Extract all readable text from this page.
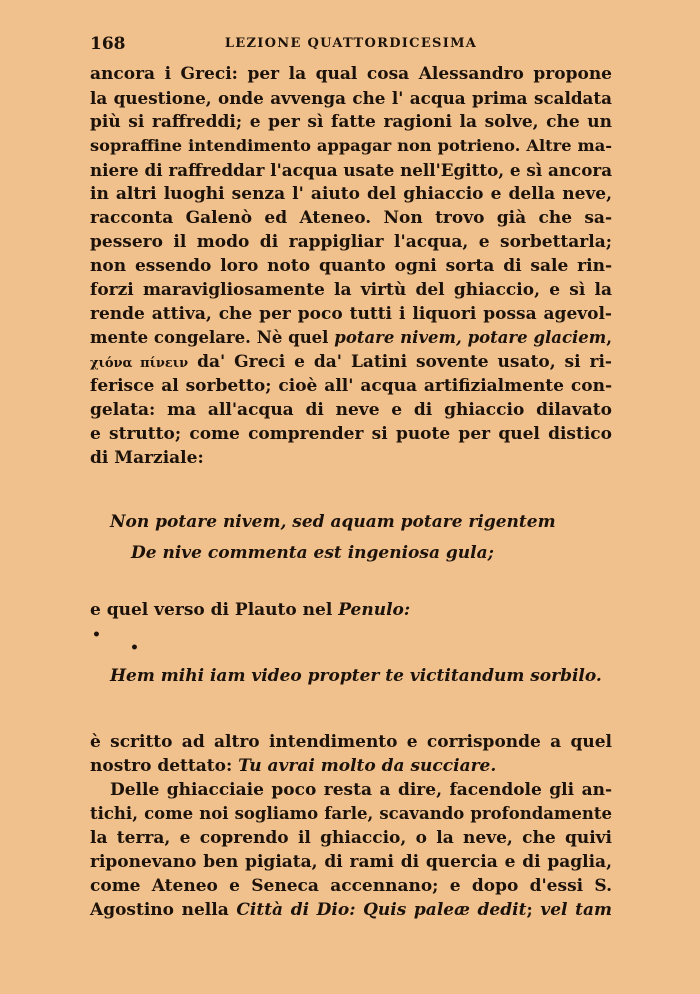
168	LEZIONE QUATTORDICESIMA
ancora i Greci: per la qual cosa Alessandro propone
la questione, onde avvenga che l' acqua prima scaldata
più si raffreddi; e per sì fatte ragioni la solve, che un
sopraffine intendimento appagar non potrieno. Altre ma-
niere di raffreddar l'acqua usate nell'Egitto, e sì ancora
in altri luoghi senza l' aiuto del ghiaccio e della neve,
racconta Galenò ed Ateneo. Non trovo già che sa-
pessero il modo di rappigliar l'acqua, e sorbettarla;
non essendo loro noto quanto ogni sorta di sale rin-
forzi maravigliosamente la virtù del ghiaccio, e sì la
rende attiva, che per poco tutti i liquori possa agevol-
mente congelare. Nè quel potare nivem, potare glaciem,
χιόνα πίνειν da' Greci e da' Latini sovente usato, si ri-
ferisce al sorbetto; cioè all' acqua artifizialmente con-
gelata: ma all'acqua di neve e di ghiaccio dilavato
e strutto; come comprender si puote per quel distico
di Marziale:
Non potare nivem, sed aquam potare rigentem
De nive commenta est ingeniosa gula;
e quel verso di Plauto nel Penulo:
•
•
Hem mihi iam video propter te victitandum sorbilo.
è scritto ad altro intendimento e corrisponde a quel
nostro dettato: Tu avrai molto da succiare.
Delle ghiacciaie poco resta a dire, facendole gli an-
tichi, come noi sogliamo farle, scavando profondamente
la terra, e coprendo il ghiaccio, o la neve, che quivi
riponevano ben pigiata, di rami di quercia e di paglia,
come Ateneo e Seneca accennano; e dopo d'essi S.
Agostino nella Città di Dio: Quis paleæ dedit; vel tam
